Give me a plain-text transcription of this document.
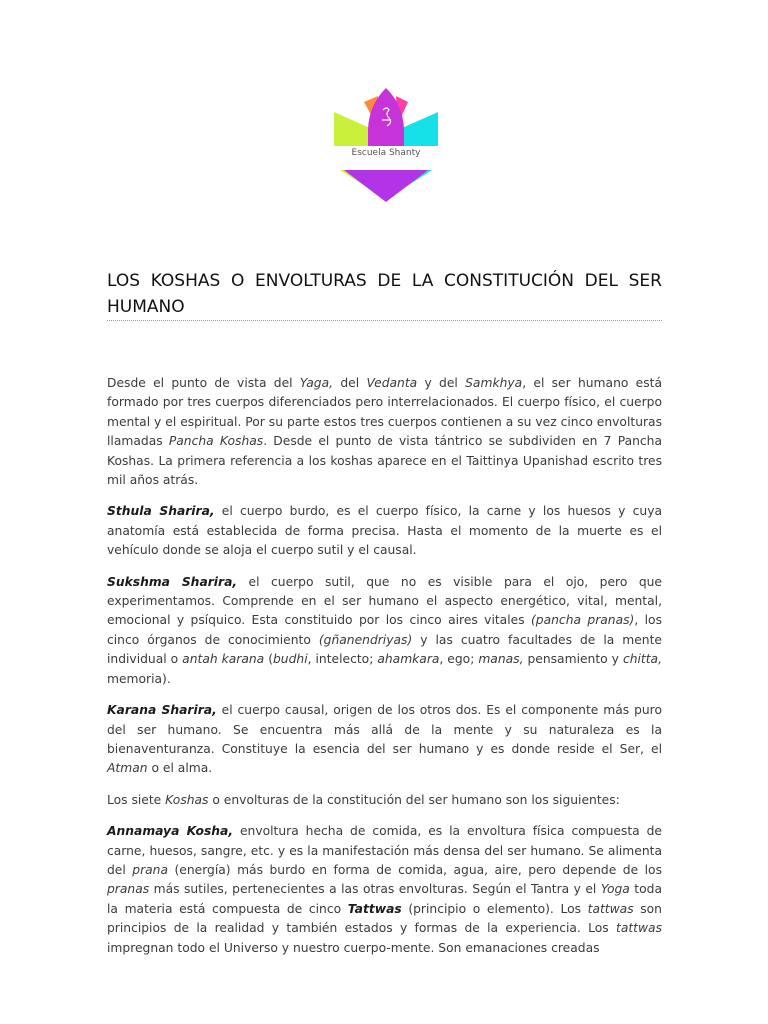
Escuela Shanty
LOS KOSHAS O ENVOLTURAS DE LA CONSTITUCIÓN DEL SER
HUMANO

Desde el punto de vista del Yaga, del Vedanta y del Samkhya, el ser humano está formado por tres cuerpos diferenciados pero interrelacionados. El cuerpo físico, el cuerpo mental y el espiritual. Por su parte estos tres cuerpos contienen a su vez cinco envolturas llamadas Pancha Koshas. Desde el punto de vista tántrico se subdividen en 7 Pancha Koshas. La primera referencia a los koshas aparece en el Taittinya Upanishad escrito tres mil años atrás.

Sthula Sharira, el cuerpo burdo, es el cuerpo físico, la carne y los huesos y cuya anatomía está establecida de forma precisa. Hasta el momento de la muerte es el vehículo donde se aloja el cuerpo sutil y el causal.

Sukshma Sharira, el cuerpo sutil, que no es visible para el ojo, pero que experimentamos. Comprende en el ser humano el aspecto energético, vital, mental, emocional y psíquico. Esta constituido por los cinco aires vitales (pancha pranas), los cinco órganos de conocimiento (gñanendriyas) y las cuatro facultades de la mente individual o antah karana (budhi, intelecto; ahamkara, ego; manas, pensamiento y chitta, memoria).

Karana Sharira, el cuerpo causal, origen de los otros dos. Es el componente más puro del ser humano. Se encuentra más allá de la mente y su naturaleza es la bienaventuranza. Constituye la esencia del ser humano y es donde reside el Ser, el Atman o el alma.

Los siete Koshas o envolturas de la constitución del ser humano son los siguientes:

Annamaya Kosha, envoltura hecha de comida, es la envoltura física compuesta de carne, huesos, sangre, etc. y es la manifestación más densa del ser humano. Se alimenta del prana (energía) más burdo en forma de comida, agua, aire, pero depende de los pranas más sutiles, pertenecientes a las otras envolturas. Según el Tantra y el Yoga toda la materia está compuesta de cinco Tattwas (principio o elemento). Los tattwas son principios de la realidad y también estados y formas de la experiencia. Los tattwas impregnan todo el Universo y nuestro cuerpo-mente. Son emanaciones creadas
